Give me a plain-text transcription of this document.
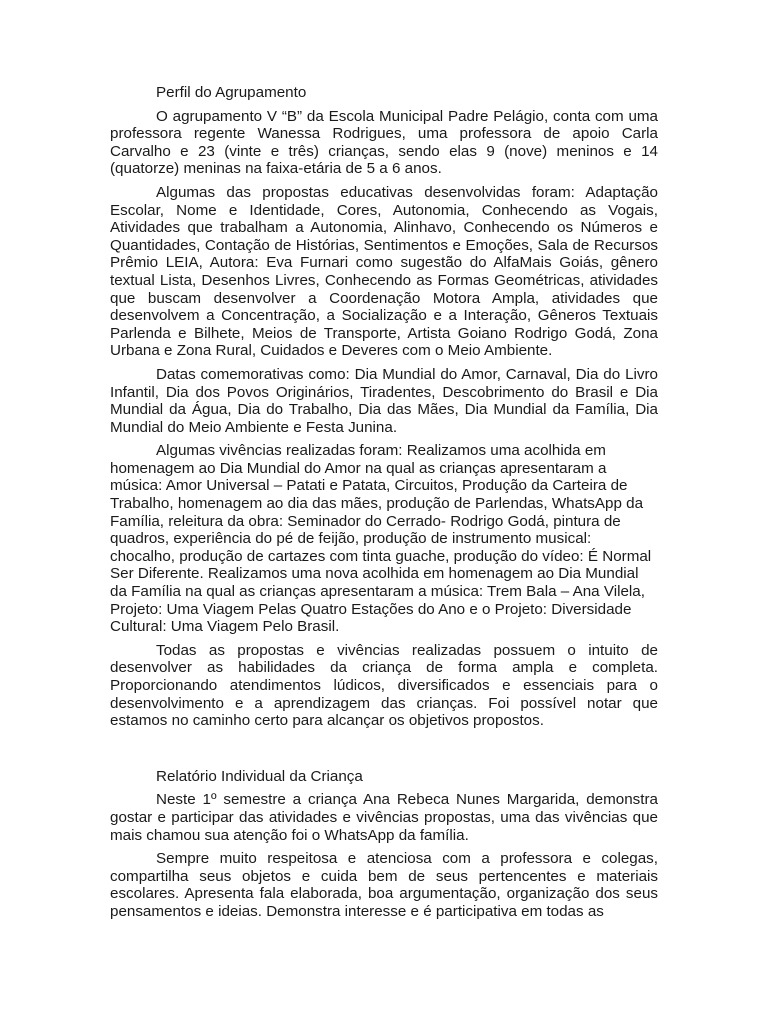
Perfil do Agrupamento

O agrupamento V “B” da Escola Municipal Padre Pelágio, conta com uma professora regente Wanessa Rodrigues, uma professora de apoio Carla Carvalho e 23 (vinte e três) crianças, sendo elas 9 (nove) meninos e 14 (quatorze) meninas na faixa-etária de 5 a 6 anos.

Algumas das propostas educativas desenvolvidas foram: Adaptação Escolar, Nome e Identidade, Cores, Autonomia, Conhecendo as Vogais, Atividades que trabalham a Autonomia, Alinhavo, Conhecendo os Números e Quantidades, Contação de Histórias, Sentimentos e Emoções, Sala de Recursos Prêmio LEIA, Autora: Eva Furnari como sugestão do AlfaMais Goiás, gênero textual Lista, Desenhos Livres, Conhecendo as Formas Geométricas, atividades que buscam desenvolver a Coordenação Motora Ampla, atividades que desenvolvem a Concentração, a Socialização e a Interação, Gêneros Textuais Parlenda e Bilhete, Meios de Transporte, Artista Goiano Rodrigo Godá, Zona Urbana e Zona Rural, Cuidados e Deveres com o Meio Ambiente.

Datas comemorativas como: Dia Mundial do Amor, Carnaval, Dia do Livro Infantil, Dia dos Povos Originários, Tiradentes, Descobrimento do Brasil e Dia Mundial da Água, Dia do Trabalho, Dia das Mães, Dia Mundial da Família, Dia Mundial do Meio Ambiente e Festa Junina.

Algumas vivências realizadas foram: Realizamos uma acolhida em homenagem ao Dia Mundial do Amor na qual as crianças apresentaram a música: Amor Universal – Patati e Patata, Circuitos, Produção da Carteira de Trabalho, homenagem ao dia das mães, produção de Parlendas, WhatsApp da Família, releitura da obra: Seminador do Cerrado- Rodrigo Godá, pintura de quadros, experiência do pé de feijão, produção de instrumento musical: chocalho, produção de cartazes com tinta guache, produção do vídeo: É Normal Ser Diferente. Realizamos uma nova acolhida em homenagem ao Dia Mundial da Família na qual as crianças apresentaram a música: Trem Bala – Ana Vilela, Projeto: Uma Viagem Pelas Quatro Estações do Ano e o Projeto: Diversidade Cultural: Uma Viagem Pelo Brasil.

Todas as propostas e vivências realizadas possuem o intuito de desenvolver as habilidades da criança de forma ampla e completa. Proporcionando atendimentos lúdicos, diversificados e essenciais para o desenvolvimento e a aprendizagem das crianças. Foi possível notar que estamos no caminho certo para alcançar os objetivos propostos.

Relatório Individual da Criança

Neste 1º semestre a criança Ana Rebeca Nunes Margarida, demonstra gostar e participar das atividades e vivências propostas, uma das vivências que mais chamou sua atenção foi o WhatsApp da família.

Sempre muito respeitosa e atenciosa com a professora e colegas, compartilha seus objetos e cuida bem de seus pertencentes e materiais escolares. Apresenta fala elaborada, boa argumentação, organização dos seus pensamentos e ideias. Demonstra interesse e é participativa em todas as
